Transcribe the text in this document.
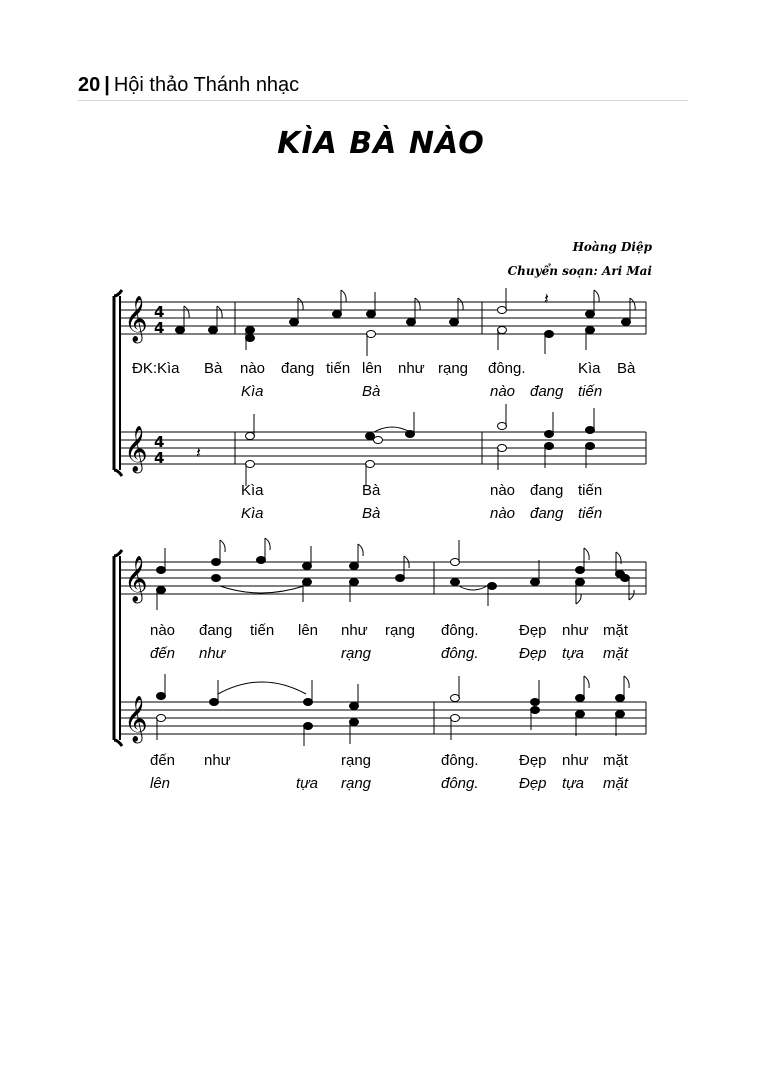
20 | Hội thảo Thánh nhạc
KÌA BÀ NÀO
Hoàng Diệp
Chuyển soạn: Ari Mai
𝄞
𝄞
4
4
4
4
𝄽
𝄽
ĐK:Kìa Bà nào đang tiến lên như rạng đông.	Kìa Bà
Kìa	Bà	nào đang tiến
Kìa	Bà	nào đang tiến
Kìa	Bà	nào đang tiến
𝄞
𝄞
nào đang tiến lên như rạng đông.	Đẹp như mặt
đến như	rạng	đông.	Đẹp tựa mặt
đến như	rạng	đông.	Đẹp như mặt
lên	tựa rạng	đông.	Đẹp tựa mặt
